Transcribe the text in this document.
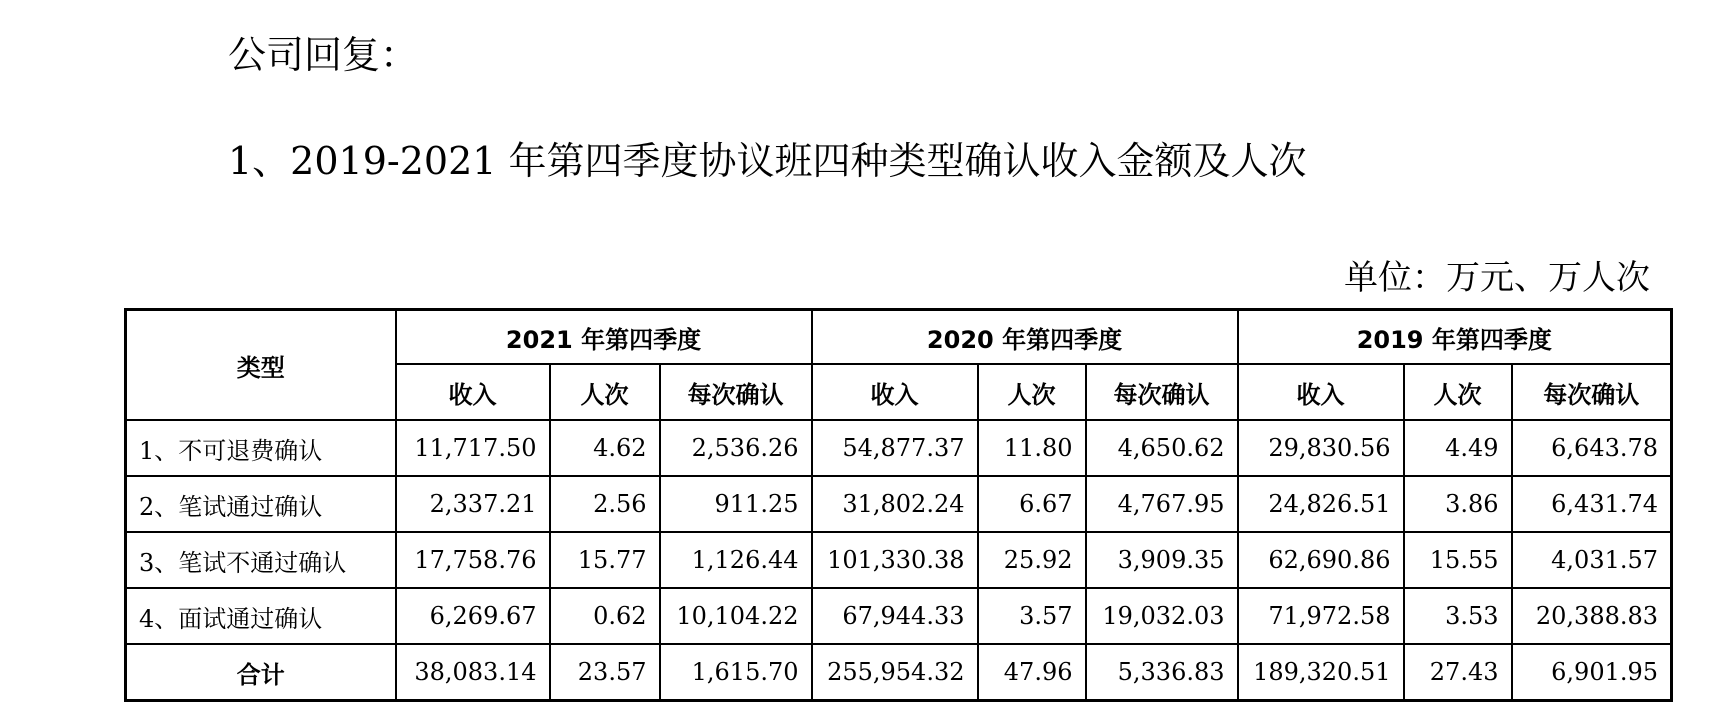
公司回复：
1、2019-2021 年第四季度协议班四种类型确认收入金额及人次
单位：万元、万人次
类型	2021 年第四季度			2020 年第四季度			2019 年第四季度		
	收入	人次	每次确认	收入	人次	每次确认	收入	人次	每次确认
1、不可退费确认	11,717.50	4.62	2,536.26	54,877.37	11.80	4,650.62	29,830.56	4.49	6,643.78
2、笔试通过确认	2,337.21	2.56	911.25	31,802.24	6.67	4,767.95	24,826.51	3.86	6,431.74
3、笔试不通过确认	17,758.76	15.77	1,126.44	101,330.38	25.92	3,909.35	62,690.86	15.55	4,031.57
4、面试通过确认	6,269.67	0.62	10,104.22	67,944.33	3.57	19,032.03	71,972.58	3.53	20,388.83
合计	38,083.14	23.57	1,615.70	255,954.32	47.96	5,336.83	189,320.51	27.43	6,901.95
